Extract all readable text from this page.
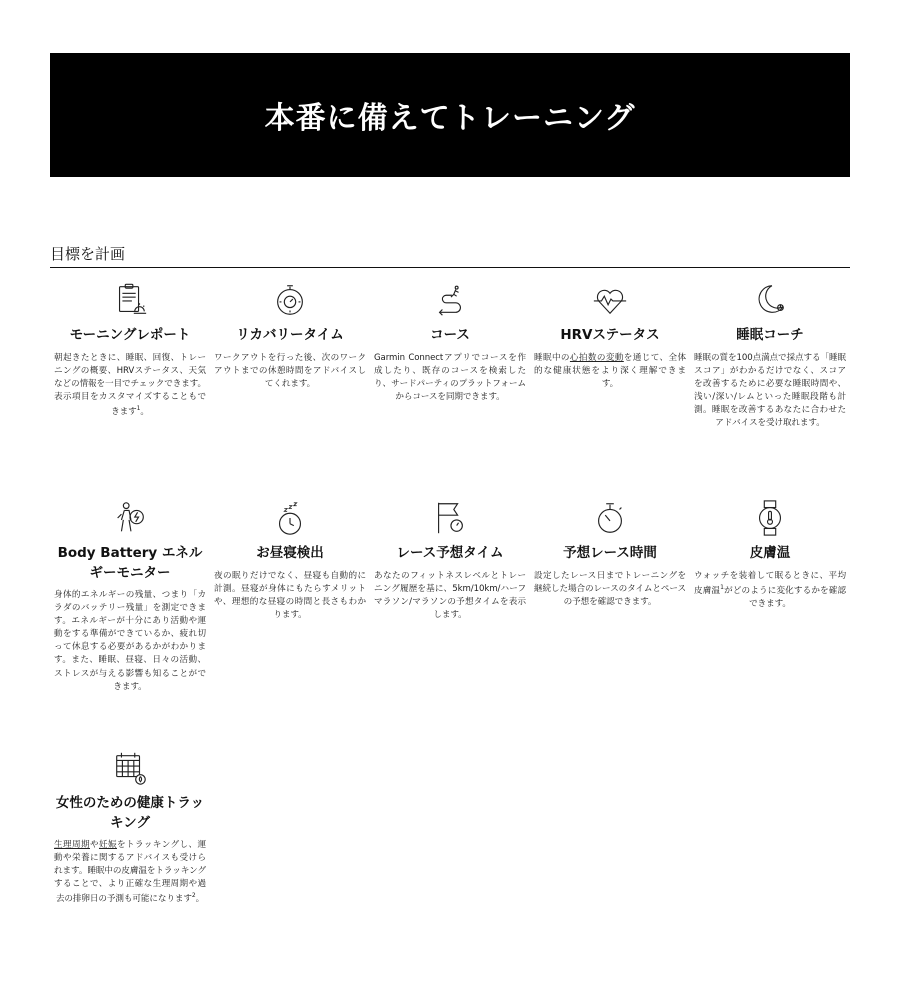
本番に備えてトレーニング
目標を計画
モーニングレポート

朝起きたときに、睡眠、回復、トレーニングの概要、HRVステータス、天気などの情報を一目でチェックできます。表示項目をカスタマイズすることもできます$^1$。

リカバリータイム

ワークアウトを行った後、次のワークアウトまでの休憩時間をアドバイスしてくれます。

コース

Garmin Connectアプリでコースを作成したり、既存のコースを検索したり、サードパーティのプラットフォームからコースを同期できます。

HRVステータス

睡眠中の心拍数の変動を通じて、全体的な健康状態をより深く理解できます。

睡眠コーチ

睡眠の質を100点満点で採点する「睡眠スコア」がわかるだけでなく、スコアを改善するために必要な睡眠時間や、浅い/深い/レムといった睡眠段階も計測。睡眠を改善するあなたに合わせたアドバイスを受け取れます。

Body Battery エネルギーモニター

身体的エネルギーの残量、つまり「カラダのバッテリー残量」を測定できます。エネルギーが十分にあり活動や運動をする準備ができているか、疲れ切って休息する必要があるかがわかります。また、睡眠、昼寝、日々の活動、ストレスが与える影響も知ることができます。

お昼寝検出

夜の眠りだけでなく、昼寝も自動的に計測。昼寝が身体にもたらすメリットや、理想的な昼寝の時間と長さもわかります。

レース予想タイム

あなたのフィットネスレベルとトレーニング履歴を基に、5km/10km/ハーフマラソン/マラソンの予想タイムを表示します。

予想レース時間

設定したレース日までトレーニングを継続した場合のレースのタイムとペースの予想を確認できます。

皮膚温

ウォッチを装着して眠るときに、平均皮膚温$^1$がどのように変化するかを確認できます。

女性のための健康トラッキング

生理周期や妊娠をトラッキングし、運動や栄養に関するアドバイスも受けられます。睡眠中の皮膚温をトラッキングすることで、より正確な生理周期や過去の排卵日の予測も可能になります$^2$。
